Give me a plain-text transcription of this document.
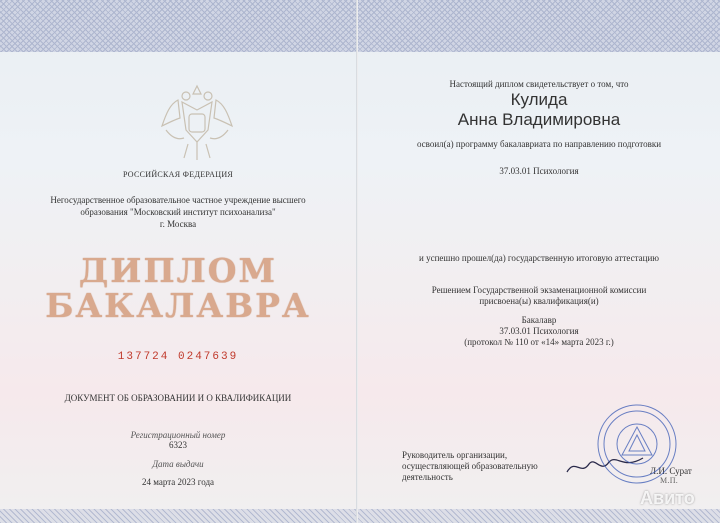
РОССИЙСКАЯ ФЕДЕРАЦИЯ
Негосударственное образовательное частное учреждение высшего
образования "Московский институт психоанализа"
г. Москва
ДИПЛОМ
БАКАЛАВРА
137724 0247639
ДОКУМЕНТ ОБ ОБРАЗОВАНИИ И О КВАЛИФИКАЦИИ
Регистрационный номер
6323
Дата выдачи
24 марта 2023 года
Настоящий диплом свидетельствует о том, что
Кулида
Анна Владимировна
освоил(а) программу бакалавриата по направлению подготовки
37.03.01 Психология
и успешно прошел(да) государственную итоговую аттестацию
Решением Государственной экзаменационной комиссии
присвоена(ы) квалификация(и)
Бакалавр
37.03.01 Психология
(протокол № 110 от «14» марта 2023 г.)
Руководитель организации,
осуществляющей образовательную
деятельность
Л.И. Сурат
М.П.
Авито
